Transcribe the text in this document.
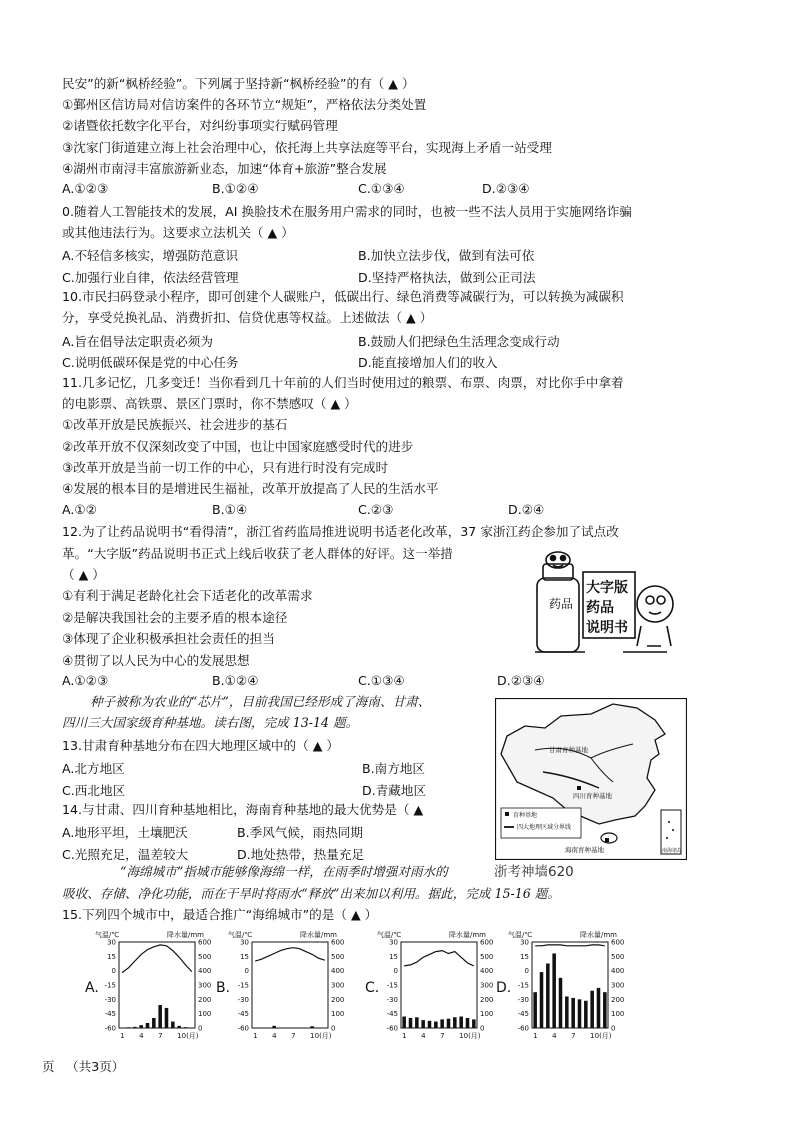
民安”的新“枫桥经验”。下列属于坚持新“枫桥经验”的有（ ▲ ）
①鄞州区信访局对信访案件的各环节立“规矩”，严格依法分类处置
②诸暨依托数字化平台，对纠纷事项实行赋码管理
③沈家门街道建立海上社会治理中心，依托海上共享法庭等平台，实现海上矛盾一站受理
④湖州市南浔丰富旅游新业态，加速“体育+旅游”整合发展
A.①②③	B.①②④	C.①③④	D.②③④
0.随着人工智能技术的发展，AI 换脸技术在服务用户需求的同时，也被一些不法人员用于实施网络诈骗
或其他违法行为。这要求立法机关（ ▲ ）
A.不轻信多核实，增强防范意识	B.加快立法步伐，做到有法可依
C.加强行业自律，依法经营管理	D.坚持严格执法，做到公正司法
10.市民扫码登录小程序，即可创建个人碳账户，低碳出行、绿色消费等减碳行为，可以转换为减碳积
分，享受兑换礼品、消费折扣、信贷优惠等权益。上述做法（ ▲ ）
A.旨在倡导法定职责必须为	B.鼓励人们把绿色生活理念变成行动
C.说明低碳环保是党的中心任务	D.能直接增加人们的收入
11.几多记忆，几多变迁！当你看到几十年前的人们当时使用过的粮票、布票、肉票，对比你手中拿着
的电影票、高铁票、景区门票时，你不禁感叹（ ▲ ）
①改革开放是民族振兴、社会进步的基石
②改革开放不仅深刻改变了中国，也让中国家庭感受时代的进步
③改革开放是当前一切工作的中心，只有进行时没有完成时
④发展的根本目的是增进民生福祉，改革开放提高了人民的生活水平
A.①②	B.①④	C.②③	D.②④
12.为了让药品说明书“看得清”，浙江省药监局推进说明书适老化改革，37 家浙江药企参加了试点改
革。“大字版”药品说明书正式上线后收获了老人群体的好评。这一举措
（ ▲ ）
①有利于满足老龄化社会下适老化的改革需求
②是解决我国社会的主要矛盾的根本途径
③体现了企业积极承担社会责任的担当
④贯彻了以人民为中心的发展思想
A.①②③	B.①②④	C.①③④	D.②③④
药品
大字版
药品
说明书
种子被称为农业的“芯片”，目前我国已经形成了海南、甘肃、
四川三大国家级育种基地。读右图，完成 13-14 题。
13.甘肃育种基地分布在四大地理区域中的（ ▲ ）
A.北方地区	B.南方地区
C.西北地区	D.青藏地区
14.与甘肃、四川育种基地相比，海南育种基地的最大优势是（ ▲
A.地形平坦，土壤肥沃	B.季风气候，雨热同期
C.光照充足，温差较大	D.地处热带，热量充足
育种基地
四大地理区域分界线
甘肃育种基地
四川育种基地
海南育种基地	南海诸岛
浙考神墙620
“海绵城市”指城市能够像海绵一样，在雨季时增强对雨水的
吸收、存储、净化功能，而在干旱时将雨水“释放”出来加以利用。据此，完成 15-16 题。
15.下列四个城市中，最适合推广“海绵城市”的是（ ▲ ）
A.	B.	C.	D.
气温/℃	降水量/mm
30
15
0
-15
-30
-45
-60
600
500
400
300
200
100
0
1 4 7 10(月)
气温/℃	降水量/mm
30
15
0
-15
-30
-45
-60
600
500
400
300
200
100
0
1 4 7 10(月)
气温/℃	降水量/mm
30
15
0
-15
-30
-45
-60
600
500
400
300
200
100
0
1 4 7 10(月)
气温/℃	降水量/mm
30
15
0
-15
-30
-45
-60
600
500
400
300
200
100
0
1 4 7 10(月)
页 （共3页）
